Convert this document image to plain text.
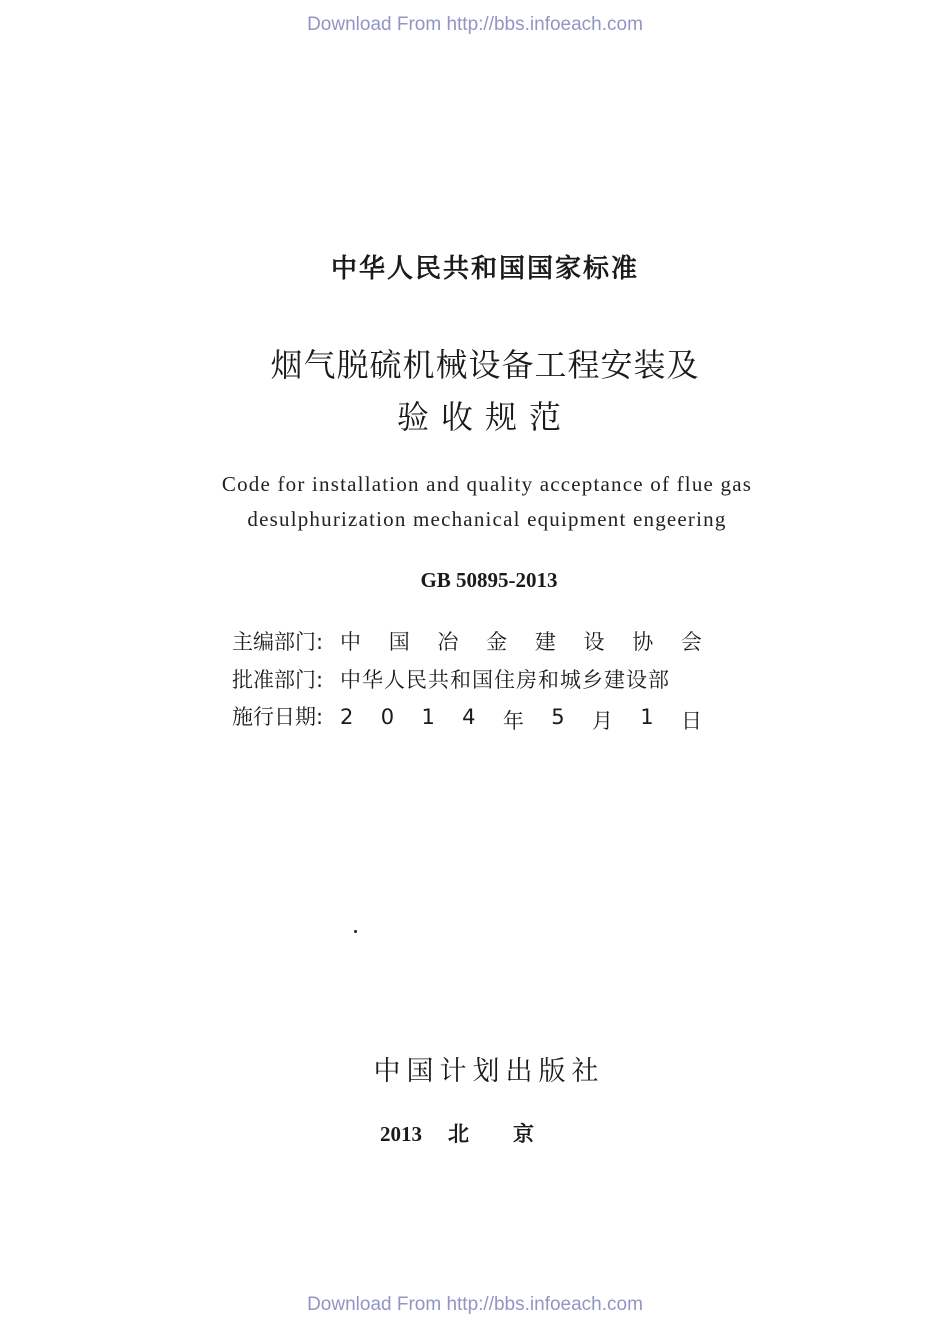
Download From http://bbs.infoeach.com
中华人民共和国国家标准
烟气脱硫机械设备工程安装及
验收规范
Code for installation and quality acceptance of flue gas
desulphurization mechanical equipment engeering
GB 50895-2013
主编部门: 中 国 冶 金 建 设 协 会
批准部门: 中华人民共和国住房和城乡建设部
施行日期: 2 0 1 4 年 5 月 1 日
中国计划出版社
2013 北京
Download From http://bbs.infoeach.com
